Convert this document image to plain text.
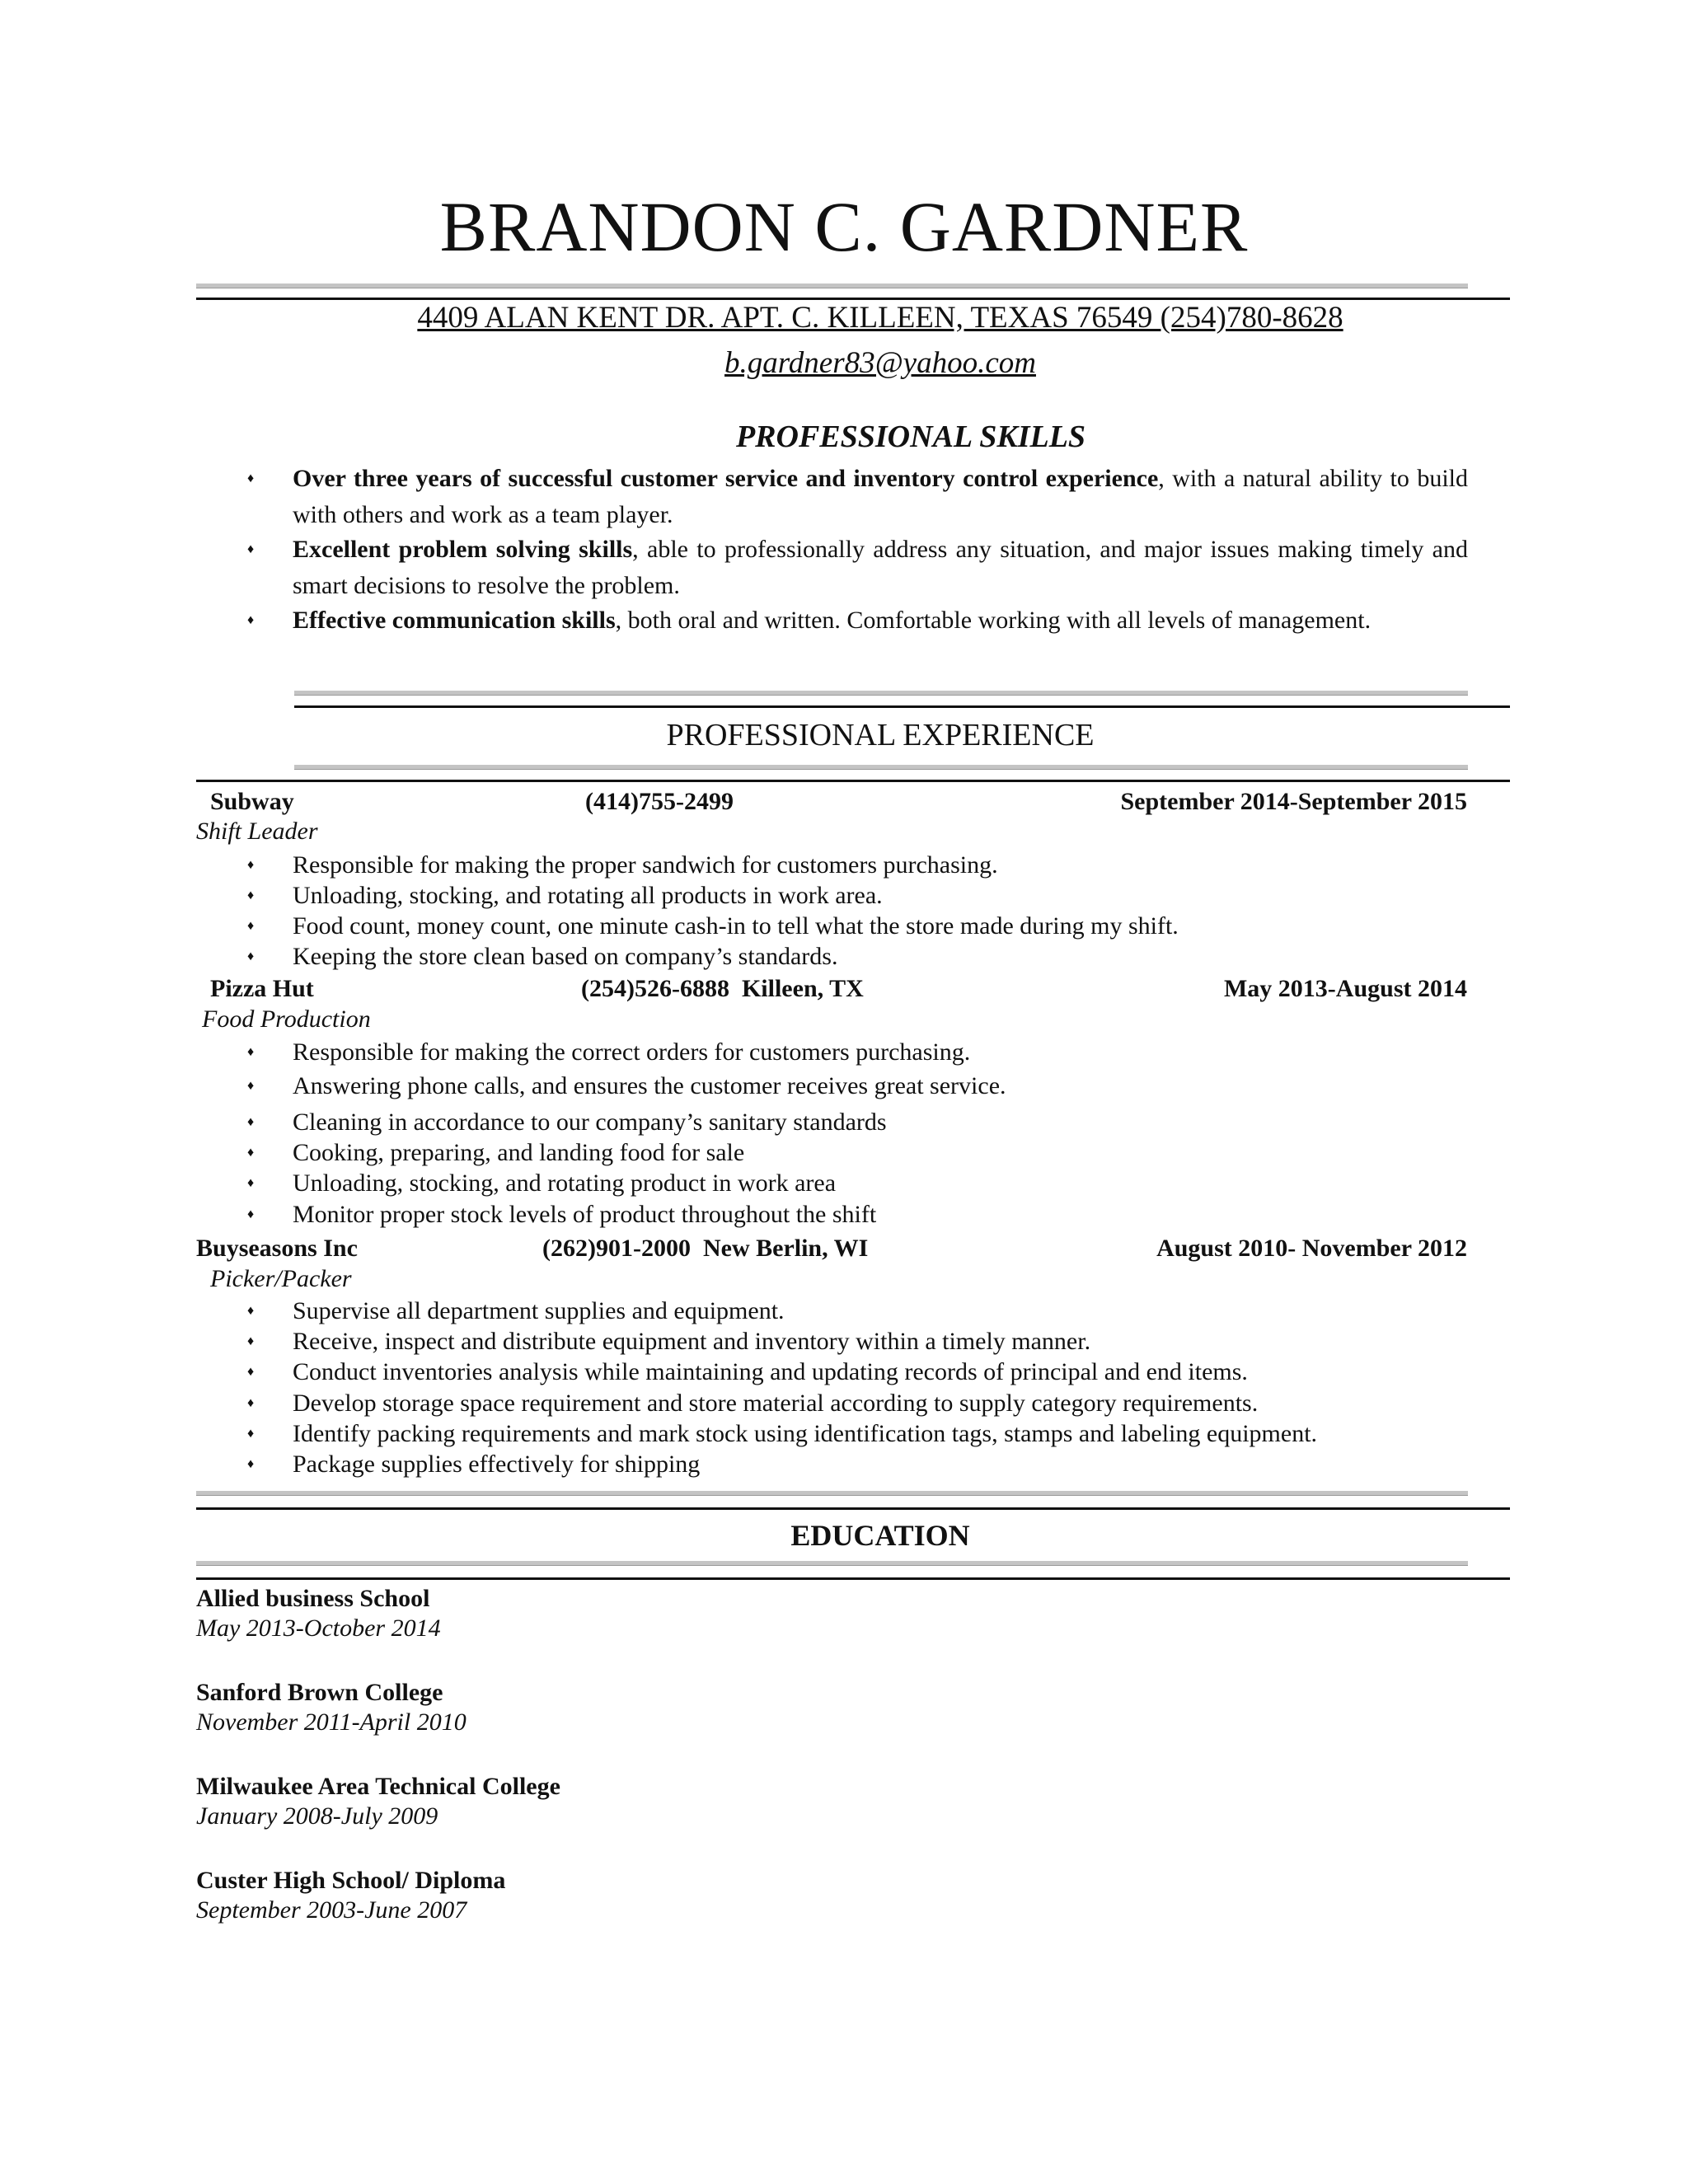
BRANDON C. GARDNER
4409 ALAN KENT DR. APT. C. KILLEEN, TEXAS 76549 (254)780-8628
b.gardner83@yahoo.com
PROFESSIONAL SKILLS
♦ Over three years of successful customer service and inventory control experience, with a natural ability to build with others and work as a team player.
♦ Excellent problem solving skills, able to professionally address any situation, and major issues making timely and smart decisions to resolve the problem.
♦ Effective communication skills, both oral and written. Comfortable working with all levels of management.
PROFESSIONAL EXPERIENCE
Subway	(414)755-2499	September 2014-September 2015
Shift Leader
♦ Responsible for making the proper sandwich for customers purchasing.
♦ Unloading, stocking, and rotating all products in work area.
♦ Food count, money count, one minute cash-in to tell what the store made during my shift.
♦ Keeping the store clean based on company’s standards.
Pizza Hut	(254)526-6888  Killeen, TX	May 2013-August 2014
Food Production
♦ Responsible for making the correct orders for customers purchasing.
♦ Answering phone calls, and ensures the customer receives great service.
♦ Cleaning in accordance to our company’s sanitary standards
♦ Cooking, preparing, and landing food for sale
♦ Unloading, stocking, and rotating product in work area
♦ Monitor proper stock levels of product throughout the shift
Buyseasons Inc	(262)901-2000  New Berlin, WI	August 2010- November 2012
Picker/Packer
♦ Supervise all department supplies and equipment.
♦ Receive, inspect and distribute equipment and inventory within a timely manner.
♦ Conduct inventories analysis while maintaining and updating records of principal and end items.
♦ Develop storage space requirement and store material according to supply category requirements.
♦ Identify packing requirements and mark stock using identification tags, stamps and labeling equipment.
♦ Package supplies effectively for shipping
EDUCATION
Allied business School
May 2013-October 2014
Sanford Brown College
November 2011-April 2010
Milwaukee Area Technical College
January 2008-July 2009
Custer High School/ Diploma
September 2003-June 2007
